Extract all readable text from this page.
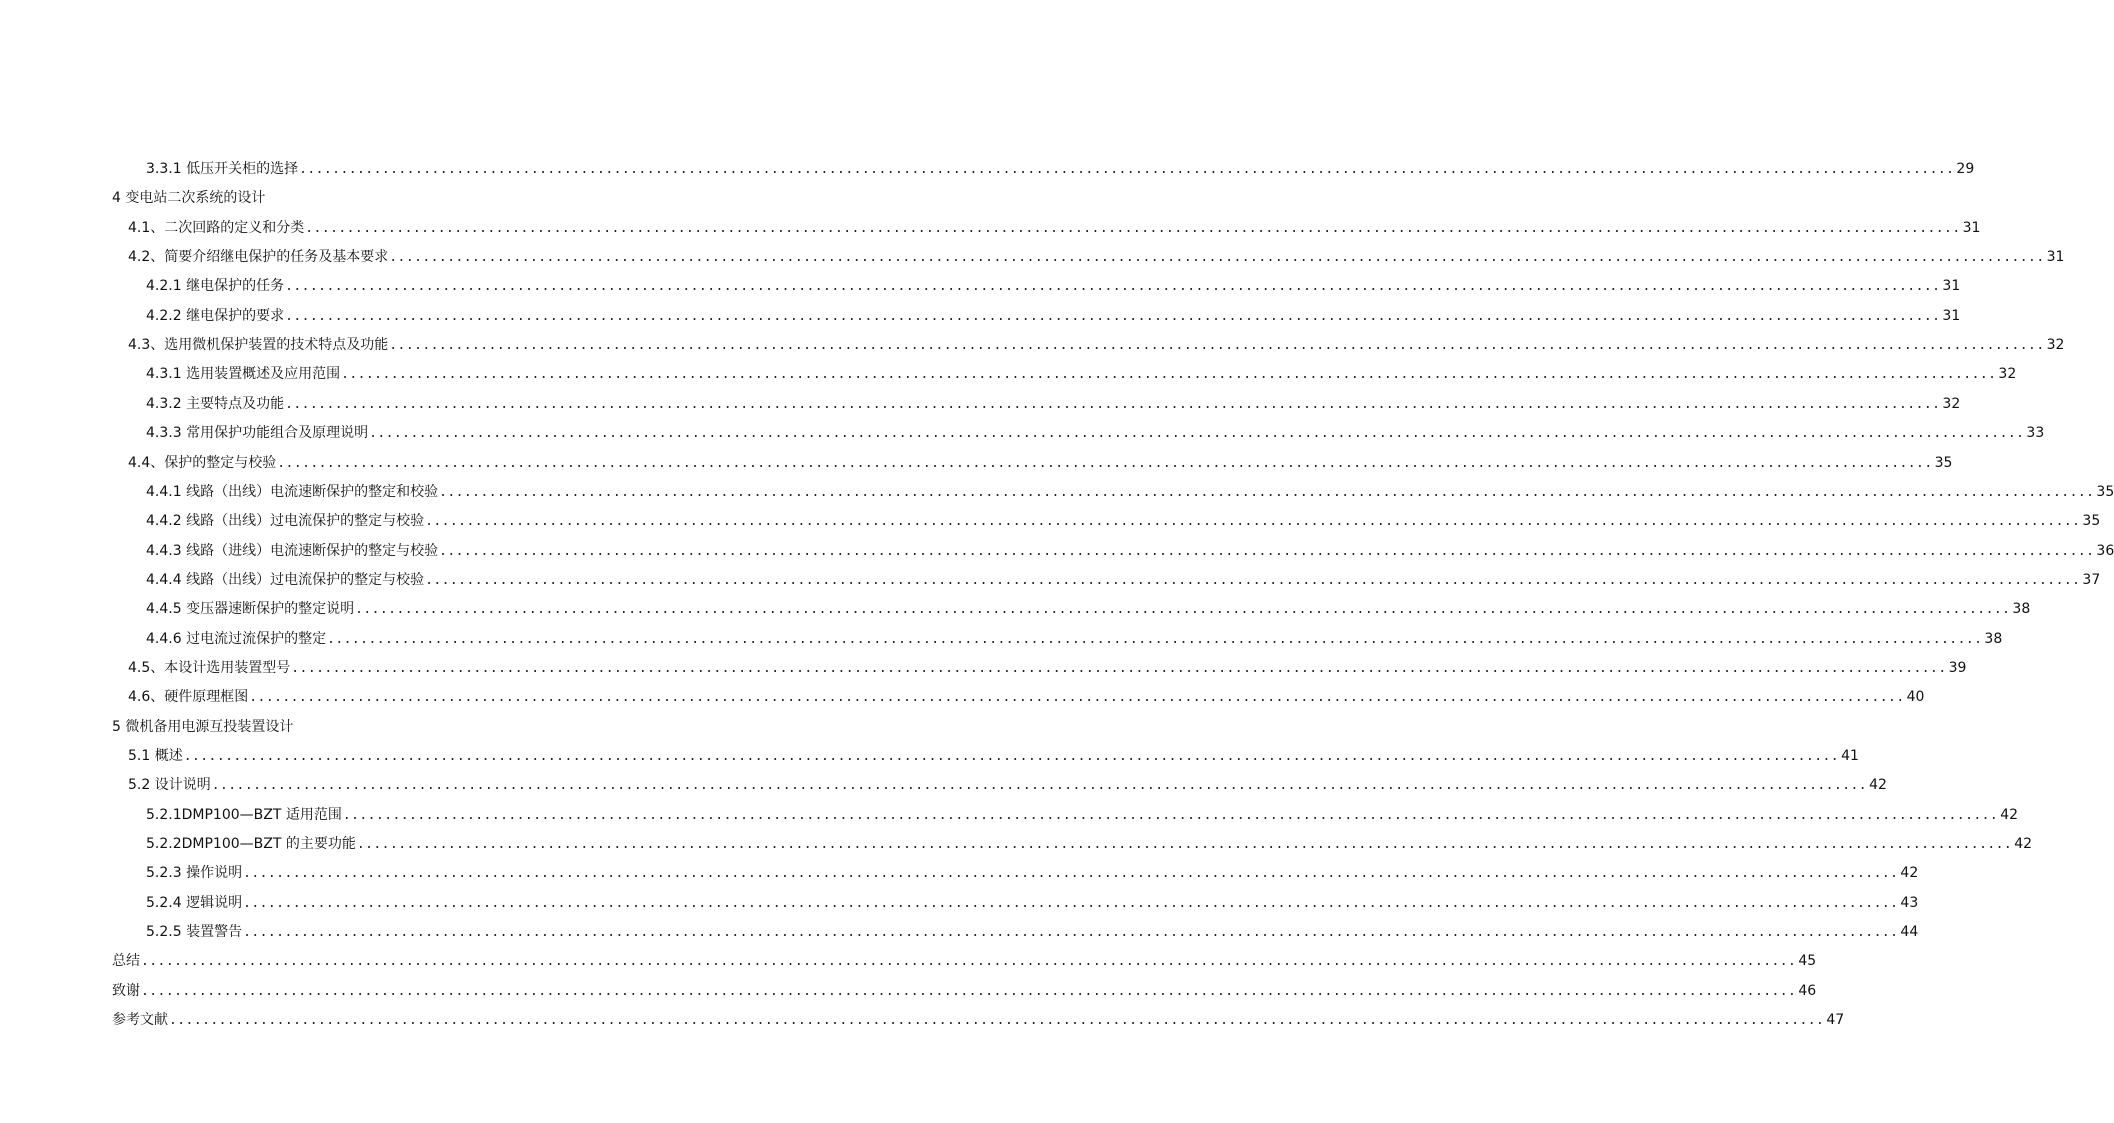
3.3.1 低压开关柜的选择 ........................................................................................................................................................................................................ 29
4 变电站二次系统的设计
4.1、二次回路的定义和分类 ........................................................................................................................................................................................................ 31
4.2、简要介绍继电保护的任务及基本要求 ........................................................................................................................................................................................................ 31
4.2.1 继电保护的任务 ........................................................................................................................................................................................................ 31
4.2.2 继电保护的要求 ........................................................................................................................................................................................................ 31
4.3、选用微机保护装置的技术特点及功能 ........................................................................................................................................................................................................ 32
4.3.1 选用装置概述及应用范围 ........................................................................................................................................................................................................ 32
4.3.2 主要特点及功能 ........................................................................................................................................................................................................ 32
4.3.3 常用保护功能组合及原理说明 ........................................................................................................................................................................................................ 33
4.4、保护的整定与校验 ........................................................................................................................................................................................................ 35
4.4.1 线路（出线）电流速断保护的整定和校验 ........................................................................................................................................................................................................ 35
4.4.2 线路（出线）过电流保护的整定与校验 ........................................................................................................................................................................................................ 35
4.4.3 线路（进线）电流速断保护的整定与校验 ........................................................................................................................................................................................................ 36
4.4.4 线路（出线）过电流保护的整定与校验 ........................................................................................................................................................................................................ 37
4.4.5 变压器速断保护的整定说明 ........................................................................................................................................................................................................ 38
4.4.6 过电流过流保护的整定 ........................................................................................................................................................................................................ 38
4.5、本设计选用装置型号 ........................................................................................................................................................................................................ 39
4.6、硬件原理框图 ........................................................................................................................................................................................................ 40
5 微机备用电源互投装置设计
5.1 概述 ........................................................................................................................................................................................................ 41
5.2 设计说明 ........................................................................................................................................................................................................ 42
5.2.1DMP100—BZT 适用范围 ........................................................................................................................................................................................................ 42
5.2.2DMP100—BZT 的主要功能 ........................................................................................................................................................................................................ 42
5.2.3 操作说明 ........................................................................................................................................................................................................ 42
5.2.4 逻辑说明 ........................................................................................................................................................................................................ 43
5.2.5 装置警告 ........................................................................................................................................................................................................ 44
总结 ........................................................................................................................................................................................................ 45
致谢 ........................................................................................................................................................................................................ 46
参考文献 ........................................................................................................................................................................................................ 47
